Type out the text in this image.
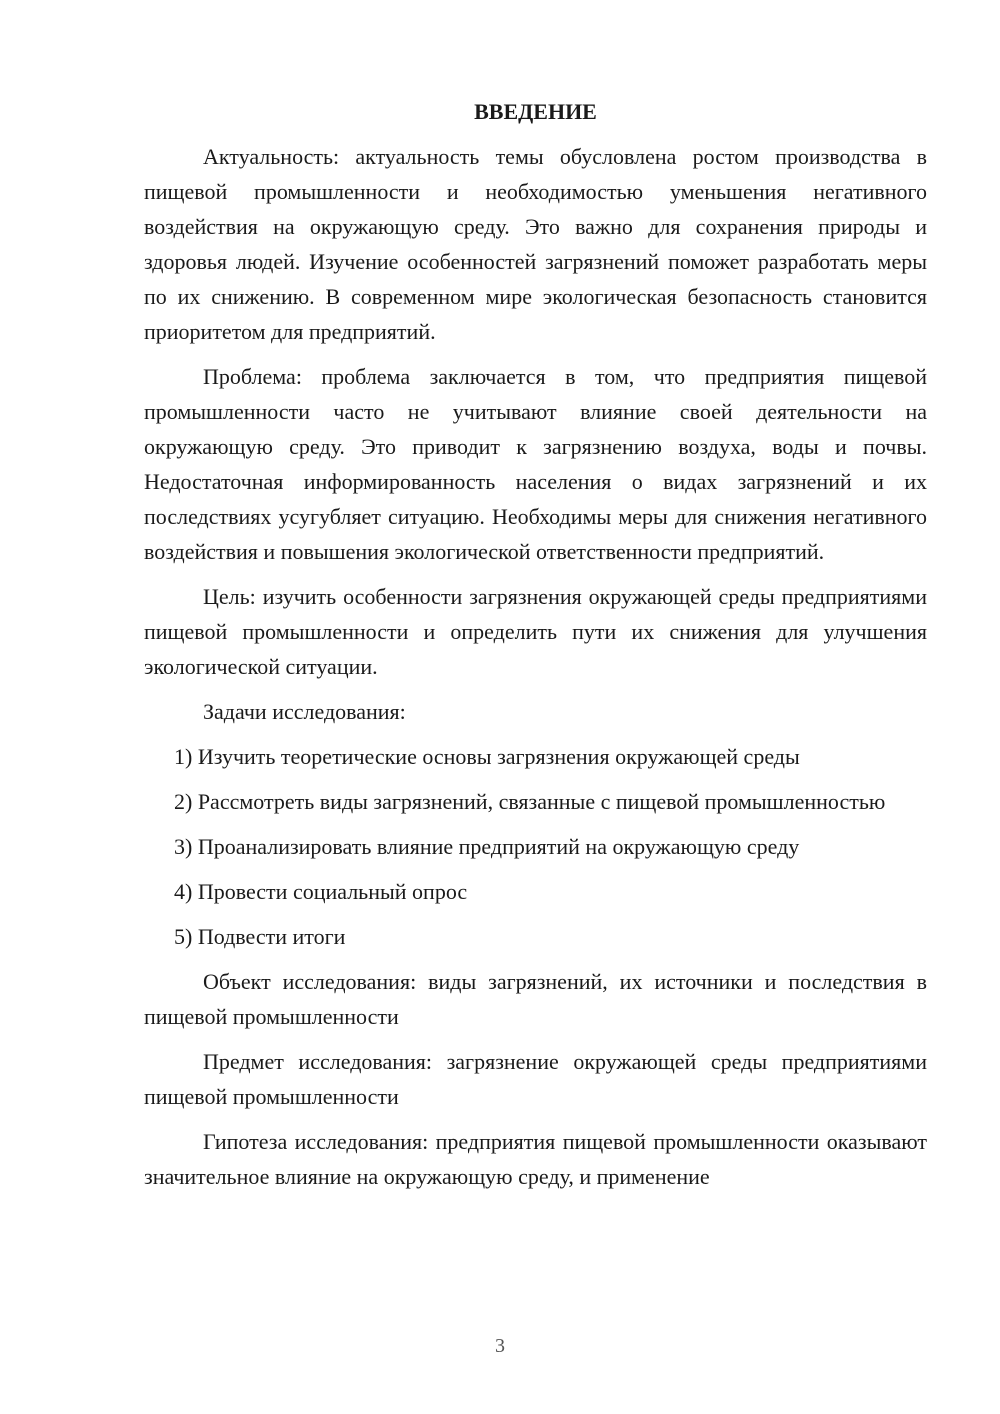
ВВЕДЕНИЕ

Актуальность: актуальность темы обусловлена ростом производства в пищевой промышленности и необходимостью уменьшения негативного воздействия на окружающую среду. Это важно для сохранения природы и здоровья людей. Изучение особенностей загрязнений поможет разработать меры по их снижению. В современном мире экологическая безопасность становится приоритетом для предприятий.

Проблема: проблема заключается в том, что предприятия пищевой промышленности часто не учитывают влияние своей деятельности на окружающую среду. Это приводит к загрязнению воздуха, воды и почвы. Недостаточная информированность населения о видах загрязнений и их последствиях усугубляет ситуацию. Необходимы меры для снижения негативного воздействия и повышения экологической ответственности предприятий.

Цель: изучить особенности загрязнения окружающей среды предприятиями пищевой промышленности и определить пути их снижения для улучшения экологической ситуации.

Задачи исследования:

1) Изучить теоретические основы загрязнения окружающей среды

2) Рассмотреть виды загрязнений, связанные с пищевой промышленностью

3) Проанализировать влияние предприятий на окружающую среду

4) Провести социальный опрос

5) Подвести итоги

Объект исследования: виды загрязнений, их источники и последствия в пищевой промышленности

Предмет исследования: загрязнение окружающей среды предприятиями пищевой промышленности

Гипотеза исследования: предприятия пищевой промышленности оказывают значительное влияние на окружающую среду, и применение

3
